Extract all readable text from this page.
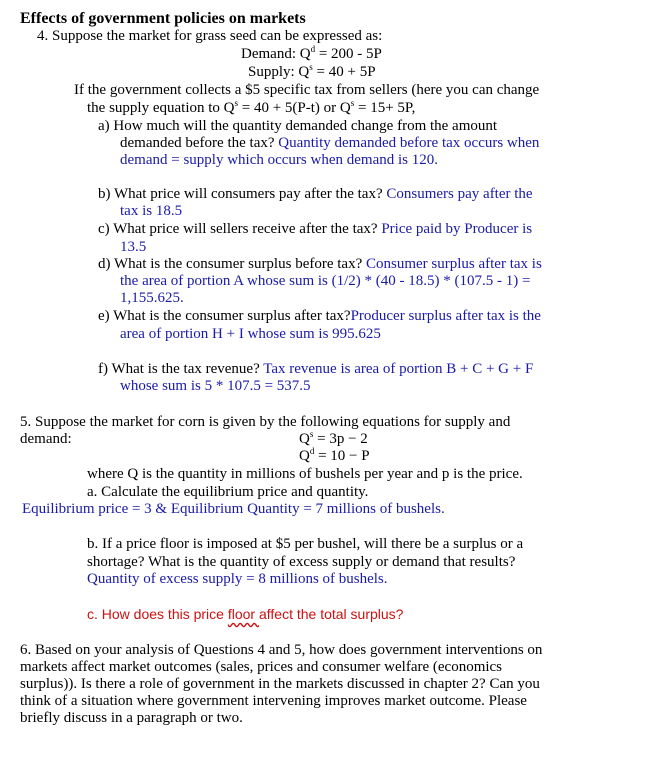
Effects of government policies on markets
4. Suppose the market for grass seed can be expressed as:
Demand: $Q^d = 200 - 5P$
Supply: $Q^s = 40 + 5P$
If the government collects a $5 specific tax from sellers (here you can change
the supply equation to $Q^s = 40 + 5(P-t)$ or $Q^s = 15+ 5P$,
a) How much will the quantity demanded change from the amount
demanded before the tax? Quantity demanded before tax occurs when
demand = supply which occurs when demand is 120.
b) What price will consumers pay after the tax? Consumers pay after the
tax is 18.5
c) What price will sellers receive after the tax? Price paid by Producer is
13.5
d) What is the consumer surplus before tax? Consumer surplus after tax is
the area of portion A whose sum is (1/2) * (40 - 18.5) * (107.5 - 1) =
1,155.625.
e) What is the consumer surplus after tax?Producer surplus after tax is the
area of portion H + I whose sum is 995.625
f) What is the tax revenue? Tax revenue is area of portion B + C + G + F
whose sum is 5 * 107.5 = 537.5
5. Suppose the market for corn is given by the following equations for supply and
demand:	$Q^s = 3p - 2$
$Q^d = 10 - P$
where Q is the quantity in millions of bushels per year and p is the price.
a. Calculate the equilibrium price and quantity.
Equilibrium price = 3 & Equilibrium Quantity = 7 millions of bushels.
b. If a price floor is imposed at $5 per bushel, will there be a surplus or a
shortage? What is the quantity of excess supply or demand that results?
Quantity of excess supply = 8 millions of bushels.
c. How does this price floor affect the total surplus?
6. Based on your analysis of Questions 4 and 5, how does government interventions on
markets affect market outcomes (sales, prices and consumer welfare (economics
surplus)). Is there a role of government in the markets discussed in chapter 2? Can you
think of a situation where government intervening improves market outcome. Please
briefly discuss in a paragraph or two.
